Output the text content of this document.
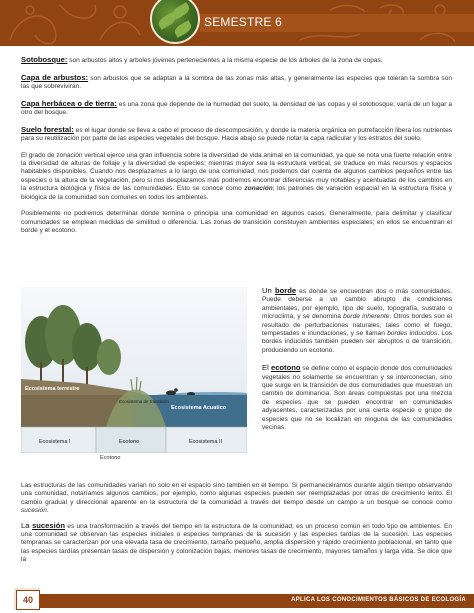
SEMESTRE 6

Sotobosque: son arbustos altos y arboles jóvenes pertenecientes a la misma especie de los árboles de la zona de copas.

Capa de arbustos: son arbustos que se adaptan a la sombra de las zonas más altas, y generalmente las especies que toleran la sombra son las que sobrevivirán.

Capa herbácea o de tierra: es una zona que depende de la humedad del suelo, la densidad de las copas y el sotobosque; varía de un lugar a otro del bosque.

Suelo forestal: es el lugar donde se lleva a cabo el proceso de descomposición, y donde la materia orgánica en putrefacción libera los nutrientes para su reutilización por parte de las especies vegetales del bosque. Hacia abajo se puede notar la capa radicular y los estratos del suelo.

El grado de zonación vertical ejerce una gran influencia sobre la diversidad de vida animal en la comunidad, ya que se nota una fuerte relación entre la diversidad de alturas de follaje y la diversidad de especies; mientras mayor sea la estructura vertical, se traduce en más recursos y espacios habitables disponibles. Cuando nos desplazamos a lo largo de una comunidad, nos podemos dar cuenta de algunos cambios pequeños entre las especies o la altura de la vegetación, pero si nos desplazamos más podremos encontrar diferencias muy notables y acentuadas de los cambios en la estructura biológica y física de las comunidades. Esto se conoce como zonación; los patrones de variación espacial en la estructura física y biológica de la comunidad son comunes en todos los ambientes.

Posiblemente no podremos determinar dónde termina o principia una comunidad en algunos casos. Generalmente, para delimitar y clasificar comunidades se emplean medidas de similitud o diferencia. Las zonas de transición constituyen ambientes especiales; en ellos se encuentran el borde y el ecotono.

Ecosistema terrestre
Ecosistema Acuatico
Ecosistema de transición
Ecosistema I	Ecotono	Ecosistema II
Ecotono

Un borde es donde se encuentran dos o más comunidades. Puede deberse a un cambio abrupto de condiciones ambientales, por ejemplo, tipo de suelo, topografía, sustrato o microclima, y se denomina borde inherente. Otros bordes son el resultado de perturbaciones naturales, tales como el fuego, tempestades e inundaciones, y se llaman bordes inducidos. Los bordes inducidos también pueden ser abruptos o de transición, produciendo un ecotono.

El ecotono se define como el espacio donde dos comunidades vegetales no solamente se encuentran y se interconectan, sino que surge en la transición de dos comunidades que muestran un cambio de dominancia. Son áreas compuestas por una mezcla de especies que se pueden encontrar en comunidades adyacentes, caracterizadas por una cierta especie o grupo de especies que no se localizan en ninguna de las comunidades vecinas.

Las estructuras de las comunidades varían no solo en el espacio sino también en el tiempo. Si permaneciéramos durante algún tiempo observando una comunidad, notaríamos algunos cambios, por ejemplo, como algunas especies pueden ser reemplazadas por otras de crecimiento lento. El cambio gradual y direccional aparente en la estructura de la comunidad a través del tiempo desde un campo a un bosque se conoce como sucesión.

La sucesión es una transformación a través del tiempo en la estructura de la comunidad; es un proceso común en todo tipo de ambientes. En una comunidad se observan las especies iniciales o especies tempranas de la sucesión y las especies tardías de la sucesión. Las especies tempranas se caracterizan por una elevada tasa de crecimiento, tamaño pequeño, amplia dispersión y rápido crecimiento poblacional, en tanto que las especies tardías presentan tasas de dispersión y colonización bajas, menores tasas de crecimiento, mayores tamaños y larga vida. Se dice que la

40	APLICA LOS CONOCIMIENTOS BÁSICOS DE ECOLOGÍA
